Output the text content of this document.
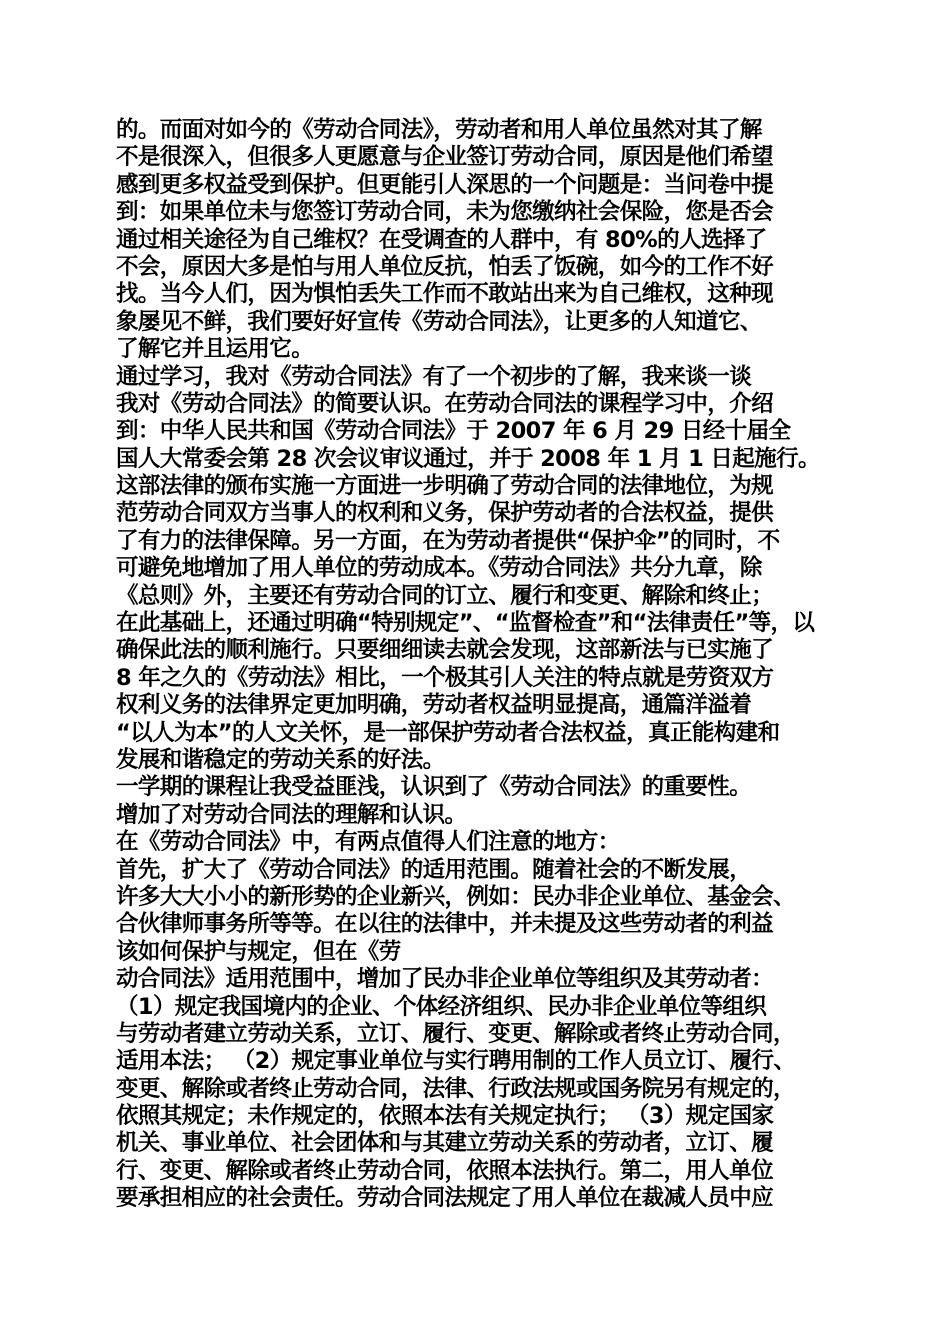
的。而面对如今的《劳动合同法》，劳动者和用人单位虽然对其了解
不是很深入，但很多人更愿意与企业签订劳动合同，原因是他们希望
感到更多权益受到保护。但更能引人深思的一个问题是：当问卷中提
到：如果单位未与您签订劳动合同，未为您缴纳社会保险，您是否会
通过相关途径为自己维权？在受调查的人群中，有 80%的人选择了
不会，原因大多是怕与用人单位反抗，怕丢了饭碗，如今的工作不好
找。当今人们，因为惧怕丢失工作而不敢站出来为自己维权，这种现
象屡见不鲜，我们要好好宣传《劳动合同法》，让更多的人知道它、
了解它并且运用它。
通过学习，我对《劳动合同法》有了一个初步的了解，我来谈一谈
我对《劳动合同法》的简要认识。在劳动合同法的课程学习中，介绍
到：中华人民共和国《劳动合同法》于 2007 年 6 月 29 日经十届全
国人大常委会第 28 次会议审议通过，并于 2008 年 1 月 1 日起施行。
这部法律的颁布实施一方面进一步明确了劳动合同的法律地位，为规
范劳动合同双方当事人的权利和义务，保护劳动者的合法权益，提供
了有力的法律保障。另一方面，在为劳动者提供“保护伞”的同时，不
可避免地增加了用人单位的劳动成本。《劳动合同法》共分九章，除
《总则》外，主要还有劳动合同的订立、履行和变更、解除和终止；
在此基础上，还通过明确“特别规定”、“监督检查”和“法律责任”等，以
确保此法的顺利施行。只要细细读去就会发现，这部新法与已实施了
8 年之久的《劳动法》相比，一个极其引人关注的特点就是劳资双方
权利义务的法律界定更加明确，劳动者权益明显提高，通篇洋溢着
“以人为本”的人文关怀，是一部保护劳动者合法权益，真正能构建和
发展和谐稳定的劳动关系的好法。
一学期的课程让我受益匪浅，认识到了《劳动合同法》的重要性。
增加了对劳动合同法的理解和认识。
在《劳动合同法》中，有两点值得人们注意的地方：
首先，扩大了《劳动合同法》的适用范围。随着社会的不断发展，
许多大大小小的新形势的企业新兴，例如：民办非企业单位、基金会、
合伙律师事务所等等。在以往的法律中，并未提及这些劳动者的利益
该如何保护与规定，但在《劳
动合同法》适用范围中，增加了民办非企业单位等组织及其劳动者：
（1）规定我国境内的企业、个体经济组织、民办非企业单位等组织
与劳动者建立劳动关系，立订、履行、变更、解除或者终止劳动合同，
适用本法； （2）规定事业单位与实行聘用制的工作人员立订、履行、
变更、解除或者终止劳动合同，法律、行政法规或国务院另有规定的，
依照其规定；未作规定的，依照本法有关规定执行； （3）规定国家
机关、事业单位、社会团体和与其建立劳动关系的劳动者，立订、履
行、变更、解除或者终止劳动合同，依照本法执行。第二，用人单位
要承担相应的社会责任。劳动合同法规定了用人单位在裁减人员中应
